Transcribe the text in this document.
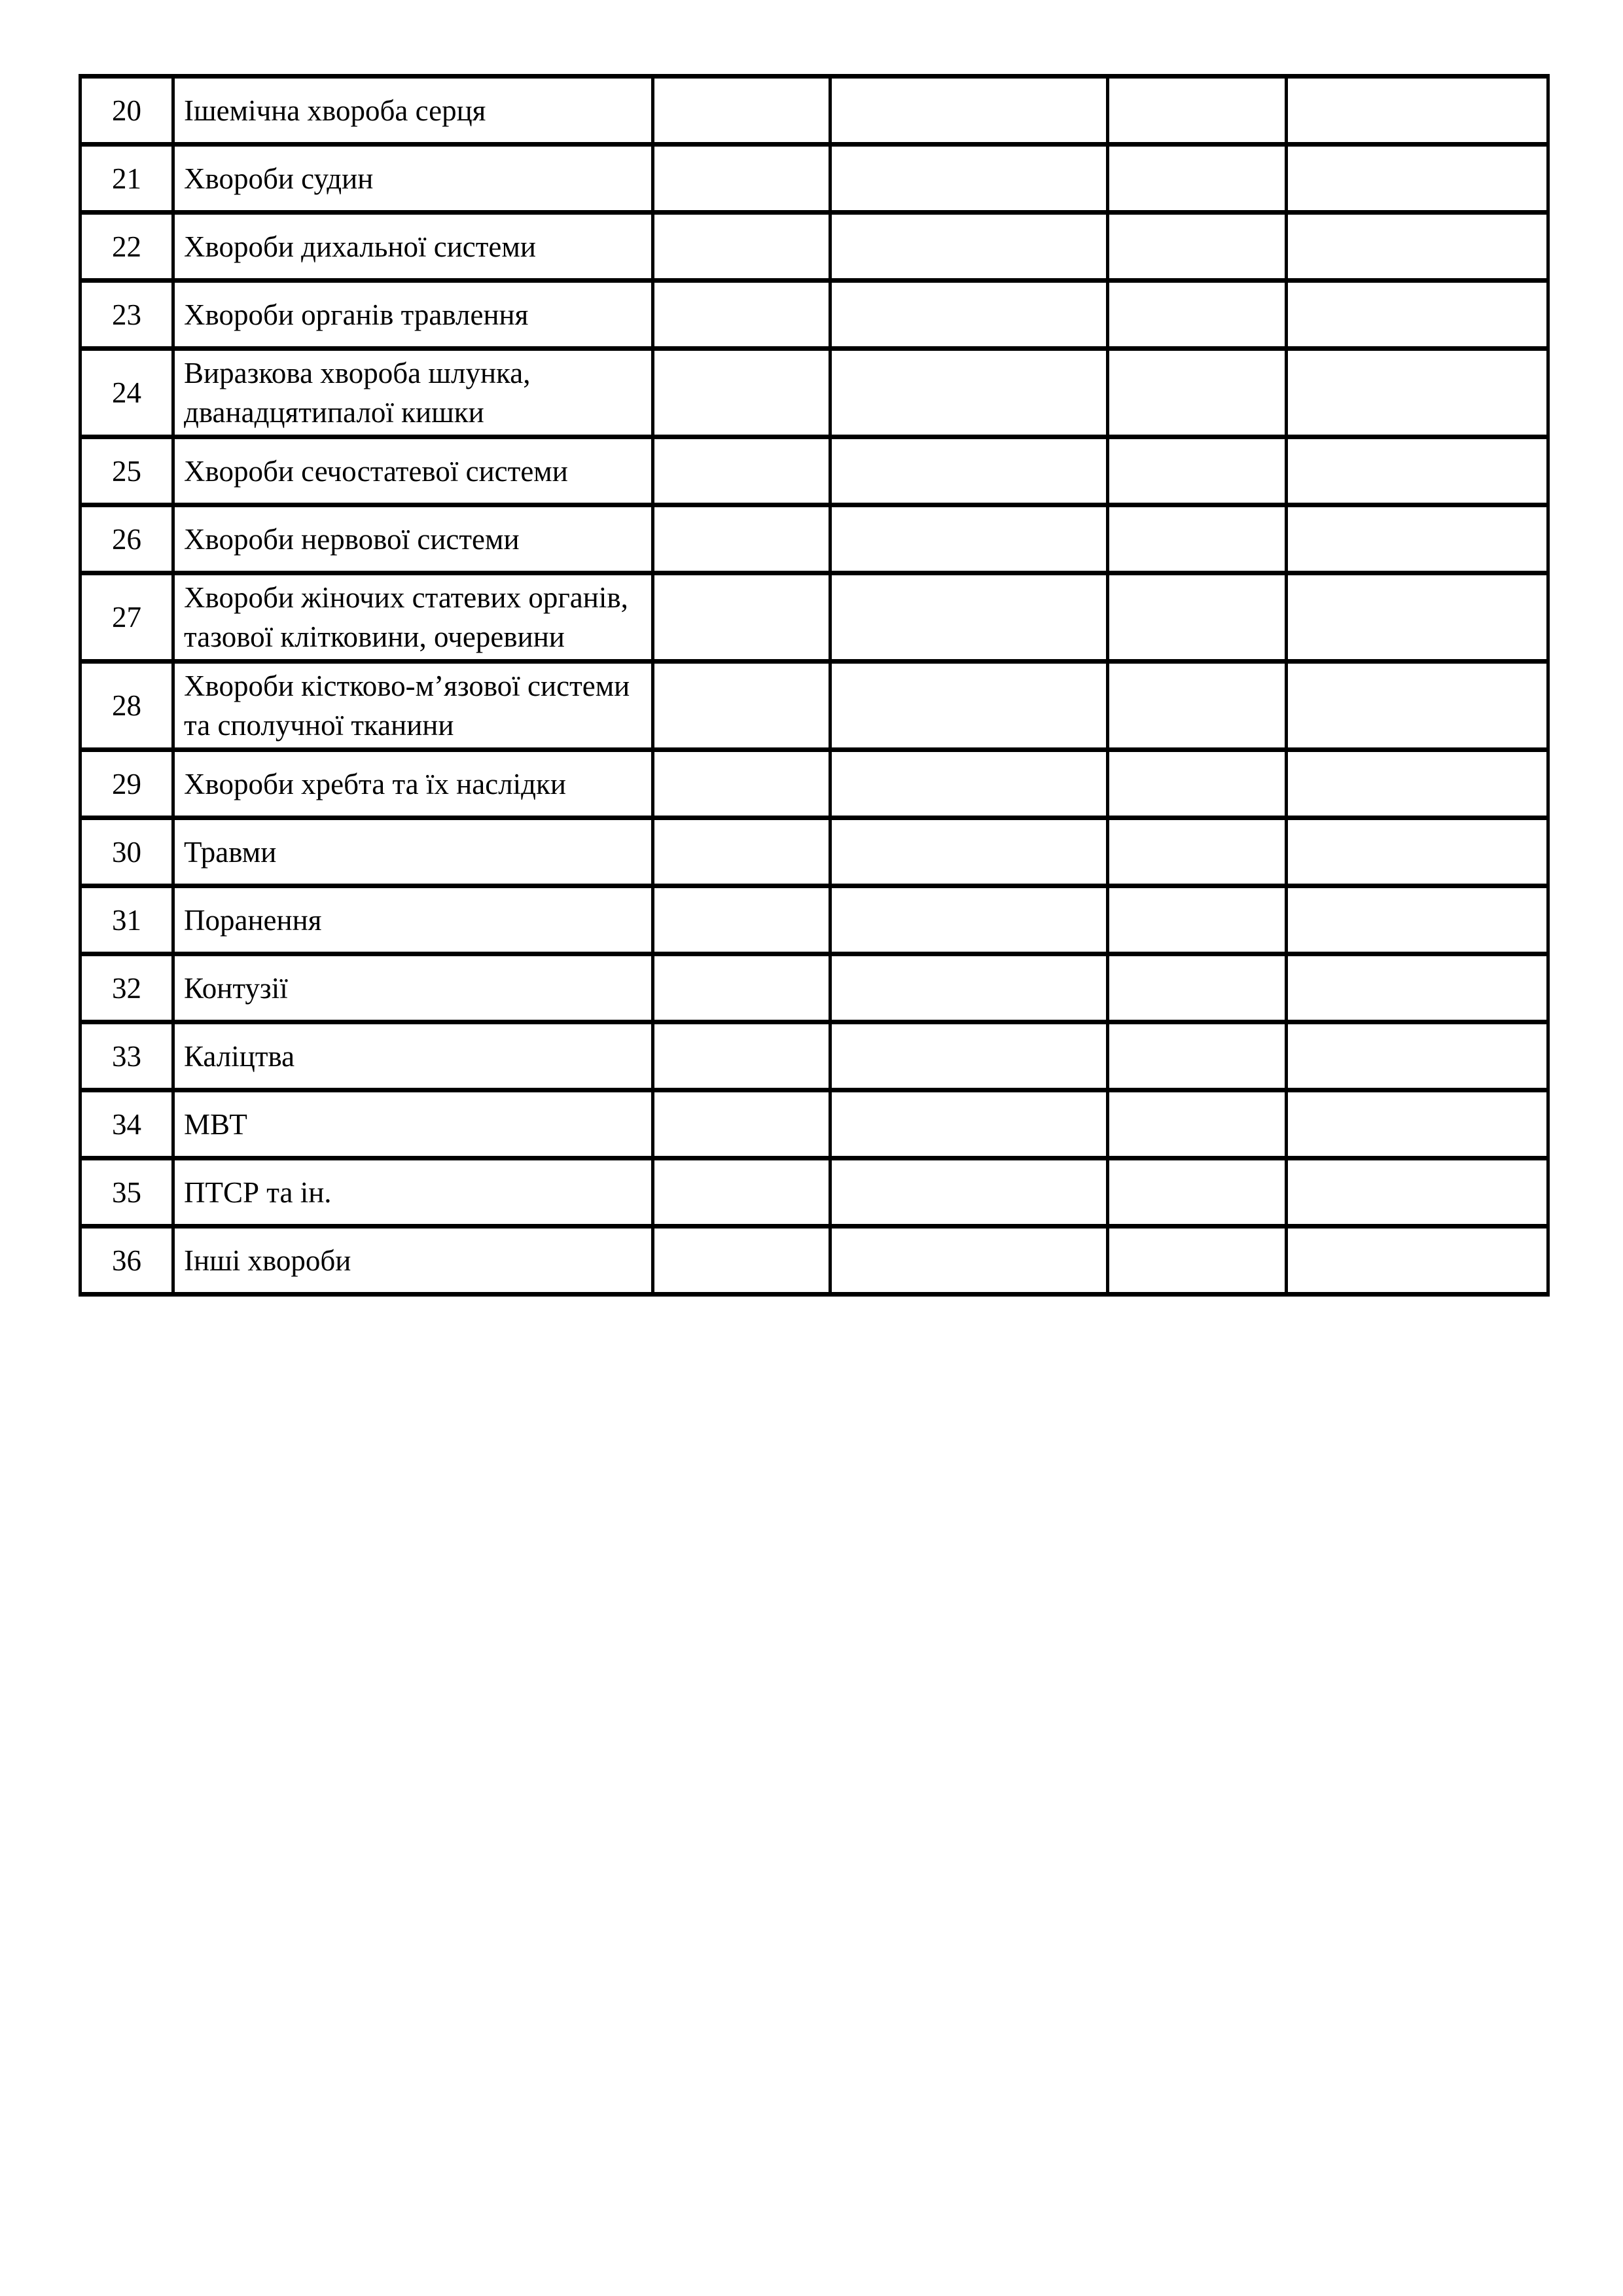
20	Ішемічна хвороба серця				
21	Хвороби судин				
22	Хвороби дихальної системи				
23	Хвороби органів травлення				
24	Виразкова хвороба шлунка, дванадцятипалої кишки				
25	Хвороби сечостатевої системи				
26	Хвороби нервової системи				
27	Хвороби жіночих статевих органів, тазової клітковини, очеревини				
28	Хвороби кістково-м’язової системи та сполучної тканини				
29	Хвороби хребта та їх наслідки				
30	Травми				
31	Поранення				
32	Контузії				
33	Каліцтва				
34	МВТ				
35	ПТСР та ін.				
36	Інші хвороби				
